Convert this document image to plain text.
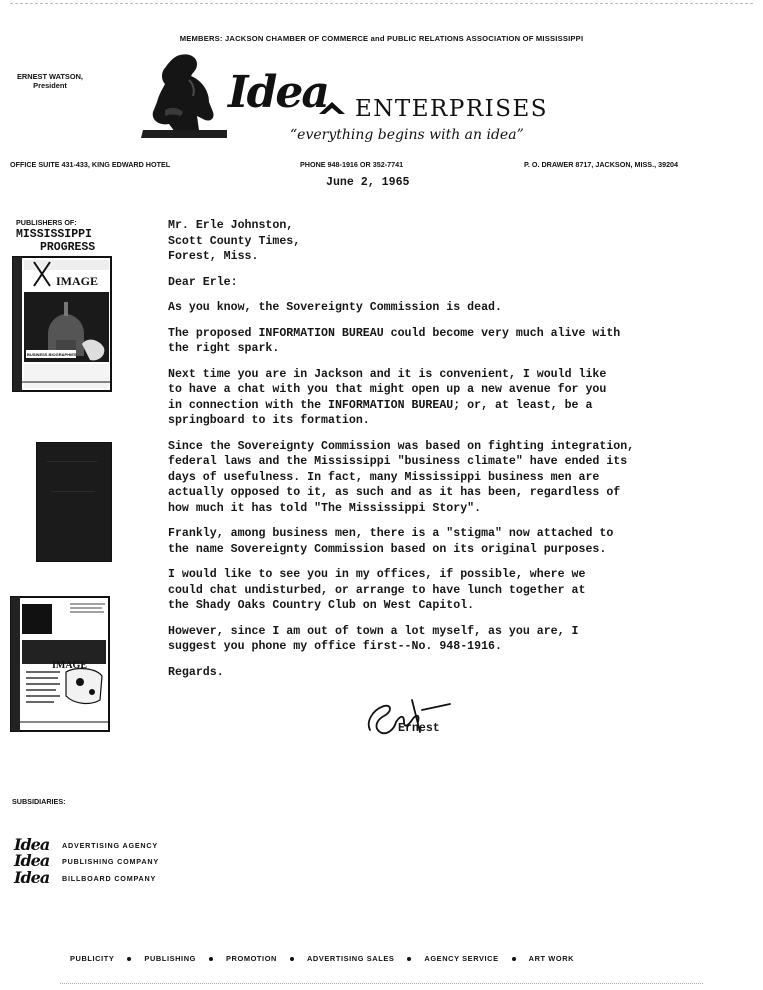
MEMBERS: JACKSON CHAMBER OF COMMERCE and PUBLIC RELATIONS ASSOCIATION OF MISSISSIPPI
ERNEST WATSON,
President	Idea ENTERPRISES
“everything begins with an idea”
OFFICE SUITE 431-433, KING EDWARD HOTEL	PHONE 948-1916 OR 352-7741	P. O. DRAWER 8717, JACKSON, MISS., 39204
June 2, 1965
PUBLISHERS OF:
MISSISSIPPI
PROGRESS
IMAGE
BUSINESS BIOGRAPHIES
IMAGE

Mr. Erle Johnston,
Scott County Times,
Forest, Miss.

Dear Erle:

As you know, the Sovereignty Commission is dead.

The proposed INFORMATION BUREAU could become very much alive with
the right spark.

Next time you are in Jackson and it is convenient, I would like
to have a chat with you that might open up a new avenue for you
in connection with the INFORMATION BUREAU; or, at least, be a
springboard to its formation.

Since the Sovereignty Commission was based on fighting integration,
federal laws and the Mississippi "business climate" have ended its
days of usefulness. In fact, many Mississippi business men are
actually opposed to it, as such and as it has been, regardless of
how much it has told "The Mississippi Story".

Frankly, among business men, there is a "stigma" now attached to
the name Sovereignty Commission based on its original purposes.

I would like to see you in my offices, if possible, where we
could chat undisturbed, or arrange to have lunch together at
the Shady Oaks Country Club on West Capitol.

However, since I am out of town a lot myself, as you are, I
suggest you phone my office first--No. 948-1916.

Regards.

Ernest
SUBSIDIARIES:
Idea ADVERTISING AGENCY
Idea PUBLISHING COMPANY
Idea BILLBOARD COMPANY
PUBLICITY	PUBLISHING	PROMOTION	ADVERTISING SALES	AGENCY SERVICE	ART WORK
